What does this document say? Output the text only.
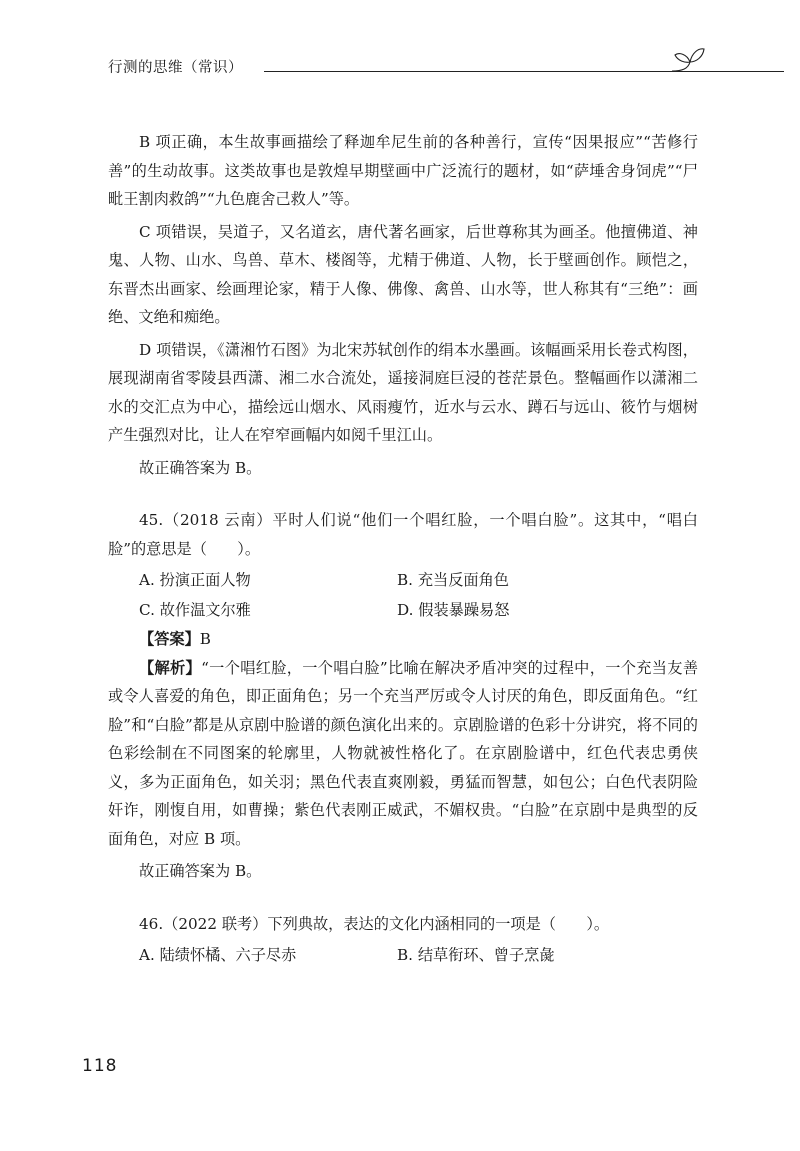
行测的思维（常识）

B 项正确，本生故事画描绘了释迦牟尼生前的各种善行，宣传“因果报应”“苦修行善”的生动故事。这类故事也是敦煌早期壁画中广泛流行的题材，如“萨埵舍身饲虎”“尸毗王割肉救鸽”“九色鹿舍己救人”等。

C 项错误，吴道子，又名道玄，唐代著名画家，后世尊称其为画圣。他擅佛道、神鬼、人物、山水、鸟兽、草木、楼阁等，尤精于佛道、人物，长于壁画创作。顾恺之，东晋杰出画家、绘画理论家，精于人像、佛像、禽兽、山水等，世人称其有“三绝”：画绝、文绝和痴绝。

D 项错误，《潇湘竹石图》为北宋苏轼创作的绢本水墨画。该幅画采用长卷式构图，展现湖南省零陵县西潇、湘二水合流处，遥接洞庭巨浸的苍茫景色。整幅画作以潇湘二水的交汇点为中心，描绘远山烟水、风雨瘦竹，近水与云水、蹲石与远山、筱竹与烟树产生强烈对比，让人在窄窄画幅内如阅千里江山。

故正确答案为 B。

45.（2018 云南）平时人们说“他们一个唱红脸，一个唱白脸”。这其中，“唱白脸”的意思是（　　）。

A. 扮演正面人物	B. 充当反面角色
C. 故作温文尔雅	D. 假装暴躁易怒

【答案】B

【解析】“一个唱红脸，一个唱白脸”比喻在解决矛盾冲突的过程中，一个充当友善或令人喜爱的角色，即正面角色；另一个充当严厉或令人讨厌的角色，即反面角色。“红脸”和“白脸”都是从京剧中脸谱的颜色演化出来的。京剧脸谱的色彩十分讲究，将不同的色彩绘制在不同图案的轮廓里，人物就被性格化了。在京剧脸谱中，红色代表忠勇侠义，多为正面角色，如关羽；黑色代表直爽刚毅，勇猛而智慧，如包公；白色代表阴险奸诈，刚愎自用，如曹操；紫色代表刚正威武，不媚权贵。“白脸”在京剧中是典型的反面角色，对应 B 项。

故正确答案为 B。

46.（2022 联考）下列典故，表达的文化内涵相同的一项是（　　）。

A. 陆绩怀橘、六子尽赤	B. 结草衔环、曾子烹彘
118
